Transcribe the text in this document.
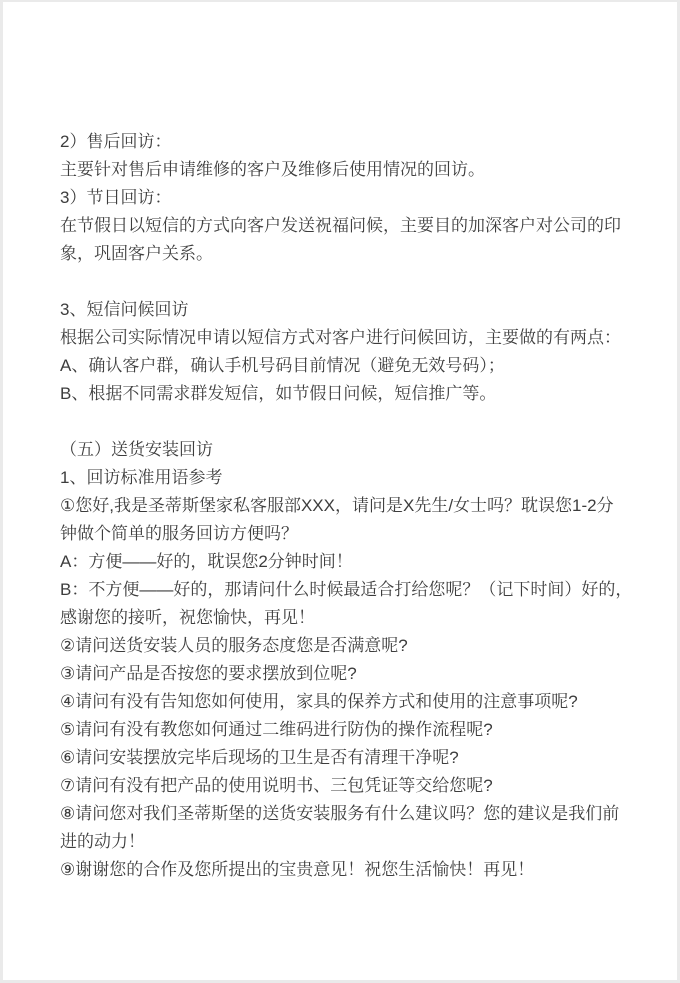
2）售后回访：
主要针对售后申请维修的客户及维修后使用情况的回访。
3）节日回访：
在节假日以短信的方式向客户发送祝福问候，主要目的加深客户对公司的印
象，巩固客户关系。
3、短信问候回访
根据公司实际情况申请以短信方式对客户进行问候回访，主要做的有两点：
A、确认客户群，确认手机号码目前情况（避免无效号码）；
B、根据不同需求群发短信，如节假日问候，短信推广等。
（五）送货安装回访
1、回访标准用语参考
①您好,我是圣蒂斯堡家私客服部XXX，请问是X先生/女士吗？耽误您1-2分
钟做个简单的服务回访方便吗？
A：方便——好的，耽误您2分钟时间！
B：不方便——好的，那请问什么时候最适合打给您呢？（记下时间）好的，
感谢您的接听，祝您愉快，再见！
②请问送货安装人员的服务态度您是否满意呢?
③请问产品是否按您的要求摆放到位呢?
④请问有没有告知您如何使用，家具的保养方式和使用的注意事项呢?
⑤请问有没有教您如何通过二维码进行防伪的操作流程呢?
⑥请问安装摆放完毕后现场的卫生是否有清理干净呢?
⑦请问有没有把产品的使用说明书、三包凭证等交给您呢?
⑧请问您对我们圣蒂斯堡的送货安装服务有什么建议吗？您的建议是我们前
进的动力！
⑨谢谢您的合作及您所提出的宝贵意见！祝您生活愉快！再见！
